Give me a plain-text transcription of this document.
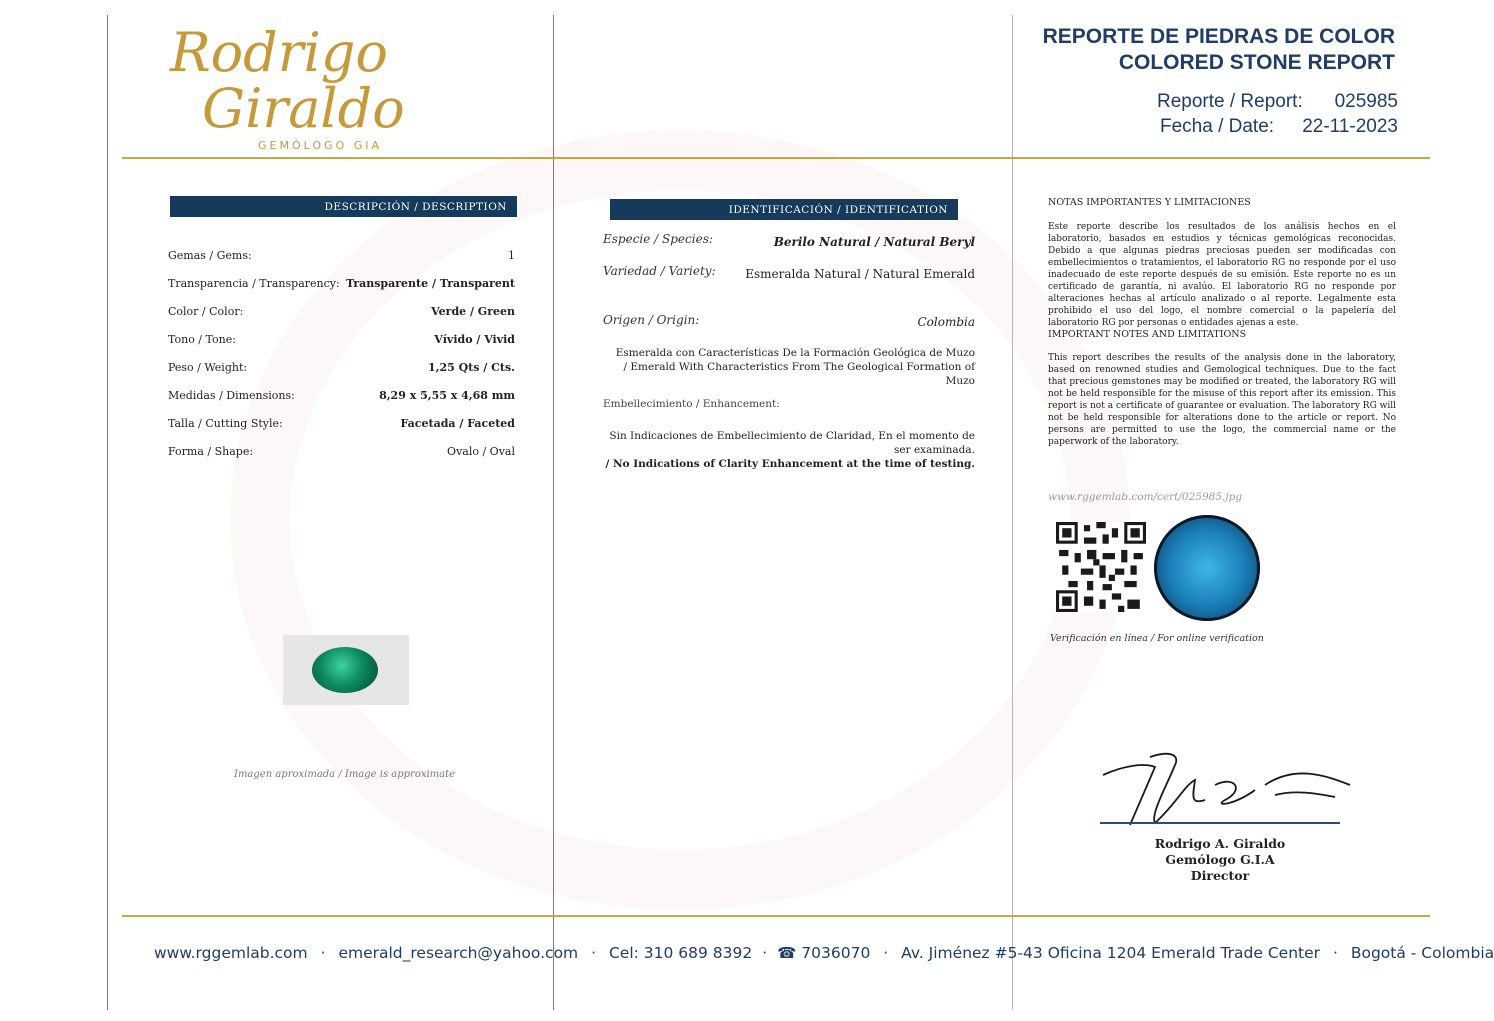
Rodrigo
Giraldo
GEMÓLOGO GIA
REPORTE DE PIEDRAS DE COLOR
COLORED STONE REPORT
Reporte / Report: 025985
Fecha / Date: 22-11-2023
DESCRIPCIÓN / DESCRIPTION
Gemas / Gems:	1
Transparencia / Transparency: Transparente / Transparent
Color / Color:	Verde / Green
Tono / Tone:	Vívido / Vivid
Peso / Weight:	1,25 Qts / Cts.
Medidas / Dimensions:	8,29 x 5,55 x 4,68 mm
Talla / Cutting Style:	Facetada / Faceted
Forma / Shape:	Ovalo / Oval
Imagen aproximada / Image is approximate
IDENTIFICACIÓN / IDENTIFICATION
Especie / Species:	Berilo Natural / Natural Beryl
Variedad / Variety: Esmeralda Natural / Natural Emerald
Origen / Origin:	Colombia
Esmeralda con Características De la Formación Geológica de Muzo
/ Emerald With Characteristics From The Geological Formation of
Muzo
Embellecimiento / Enhancement:
Sin Indicaciones de Embellecimiento de Claridad, En el momento de
ser examinada.
/ No Indications of Clarity Enhancement at the time of testing.
NOTAS IMPORTANTES Y LIMITACIONES
Este reporte describe los resultados de los análisis hechos en el laboratorio, basados en estudios y técnicas gemológicas reconocidas. Debido a que algunas piedras preciosas pueden ser modificadas con embellecimientos o tratamientos, el laboratorio RG no responde por el uso inadecuado de este reporte después de su emisión. Este reporte no es un certificado de garantía, ni avalúo. El laboratorio RG no responde por alteraciones hechas al artículo analizado o al reporte. Legalmente esta prohibido el uso del logo, el nombre comercial o la papelería del laboratorio RG por personas o entidades ajenas a este.
IMPORTANT NOTES AND LIMITATIONS
This report describes the results of the analysis done in the laboratory, based on renowned studies and Gemological techniques. Due to the fact that precious gemstones may be modified or treated, the laboratory RG will not be held responsible for the misuse of this report after its emission. This report is not a certificate of guarantee or evaluation. The laboratory RG will not be held responsible for alterations done to the article or report. No persons are permitted to use the logo, the commercial name or the paperwork of the laboratory.
www.rggemlab.com/cert/025985.jpg
Verificación en línea / For online verification
Rodrigo A. Giraldo
Gemólogo G.I.A
Director
www.rggemlab.com · emerald_research@yahoo.com · Cel: 310 689 8392 · ☎ 7036070 · Av. Jiménez #5-43 Oficina 1204 Emerald Trade Center · Bogotá - Colombia
